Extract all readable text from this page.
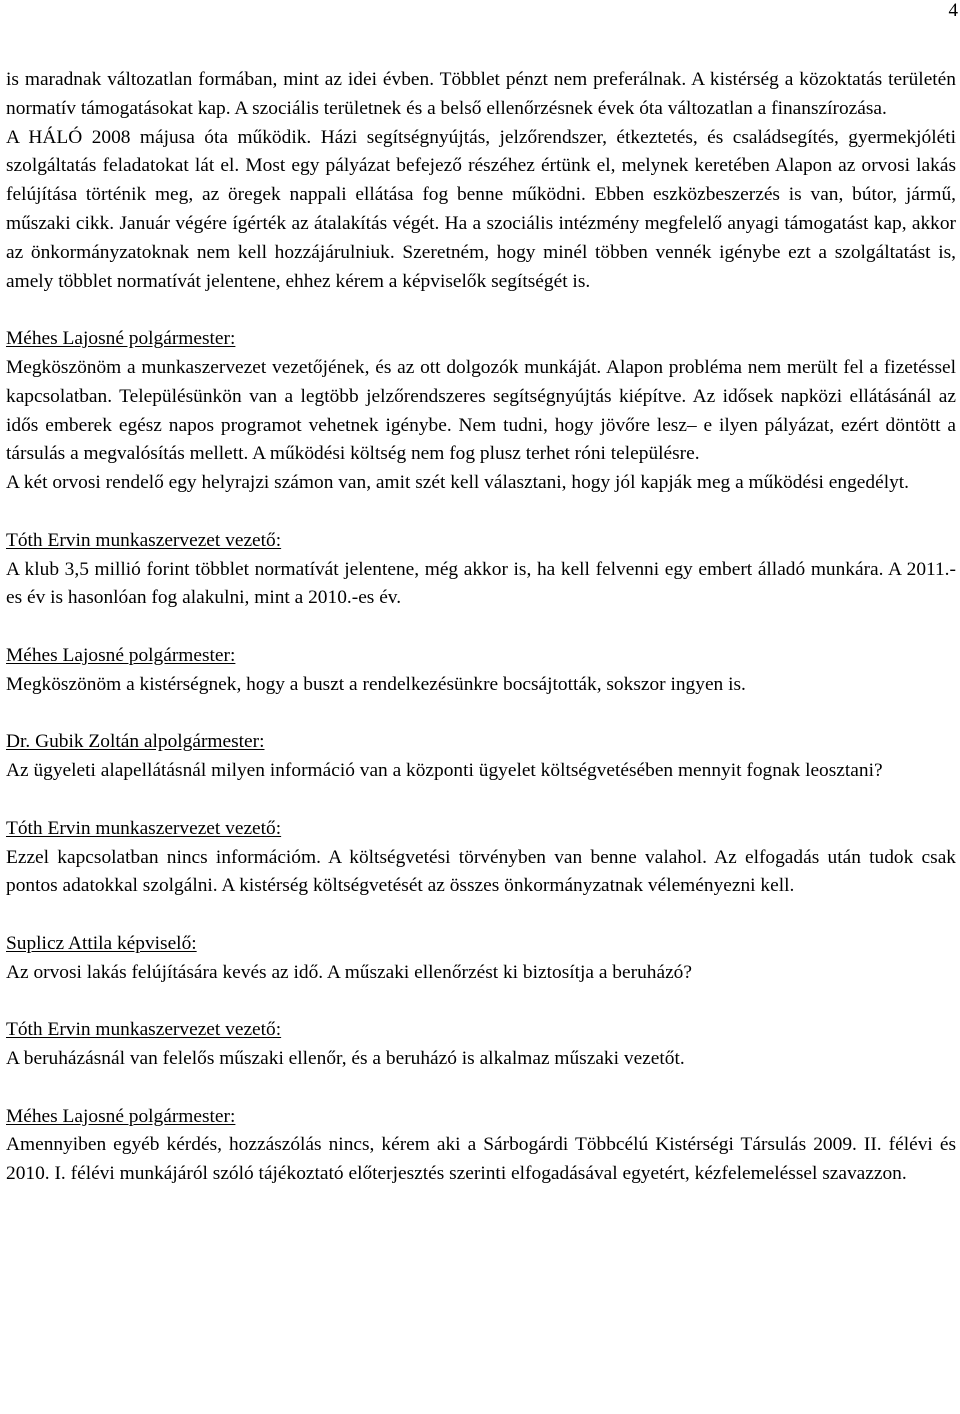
4

is maradnak változatlan formában, mint az idei évben. Többlet pénzt nem preferálnak. A kistérség a közoktatás területén normatív támogatásokat kap. A szociális területnek és a belső ellenőrzésnek évek óta változatlan a finanszírozása.

A HÁLÓ 2008 májusa óta működik. Házi segítségnyújtás, jelzőrendszer, étkeztetés, és családsegítés, gyermekjóléti szolgáltatás feladatokat lát el. Most egy pályázat befejező részéhez értünk el, melynek keretében Alapon az orvosi lakás felújítása történik meg, az öregek nappali ellátása fog benne működni. Ebben eszközbeszerzés is van, bútor, jármű, műszaki cikk. Január végére ígérték az átalakítás végét. Ha a szociális intézmény megfelelő anyagi támogatást kap, akkor az önkormányzatoknak nem kell hozzájárulniuk. Szeretném, hogy minél többen vennék igénybe ezt a szolgáltatást is, amely többlet normatívát jelentene, ehhez kérem a képviselők segítségét is.

Méhes Lajosné polgármester:

Megköszönöm a munkaszervezet vezetőjének, és az ott dolgozók munkáját. Alapon probléma nem merült fel a fizetéssel kapcsolatban. Településünkön van a legtöbb jelzőrendszeres segítségnyújtás kiépítve. Az idősek napközi ellátásánál az idős emberek egész napos programot vehetnek igénybe. Nem tudni, hogy jövőre lesz– e ilyen pályázat, ezért döntött a társulás a megvalósítás mellett. A működési költség nem fog plusz terhet róni településre.

A két orvosi rendelő egy helyrajzi számon van, amit szét kell választani, hogy jól kapják meg a működési engedélyt.

Tóth Ervin munkaszervezet vezető:

A klub 3,5 millió forint többlet normatívát jelentene, még akkor is, ha kell felvenni egy embert álladó munkára. A 2011.-es év is hasonlóan fog alakulni, mint a 2010.-es év.

Méhes Lajosné polgármester:

Megköszönöm a kistérségnek, hogy a buszt a rendelkezésünkre bocsájtották, sokszor ingyen is.

Dr. Gubik Zoltán alpolgármester:

Az ügyeleti alapellátásnál milyen információ van a központi ügyelet költségvetésében mennyit fognak leosztani?

Tóth Ervin munkaszervezet vezető:

Ezzel kapcsolatban nincs információm. A költségvetési törvényben van benne valahol. Az elfogadás után tudok csak pontos adatokkal szolgálni. A kistérség költségvetését az összes önkormányzatnak véleményezni kell.

Suplicz Attila képviselő:

Az orvosi lakás felújítására kevés az idő. A műszaki ellenőrzést ki biztosítja a beruházó?

Tóth Ervin munkaszervezet vezető:

A beruházásnál van felelős műszaki ellenőr, és a beruházó is alkalmaz műszaki vezetőt.

Méhes Lajosné polgármester:

Amennyiben egyéb kérdés, hozzászólás nincs, kérem aki a Sárbogárdi Többcélú Kistérségi Társulás 2009. II. félévi és 2010. I. félévi munkájáról szóló tájékoztató előterjesztés szerinti elfogadásával egyetért, kézfelemeléssel szavazzon.
